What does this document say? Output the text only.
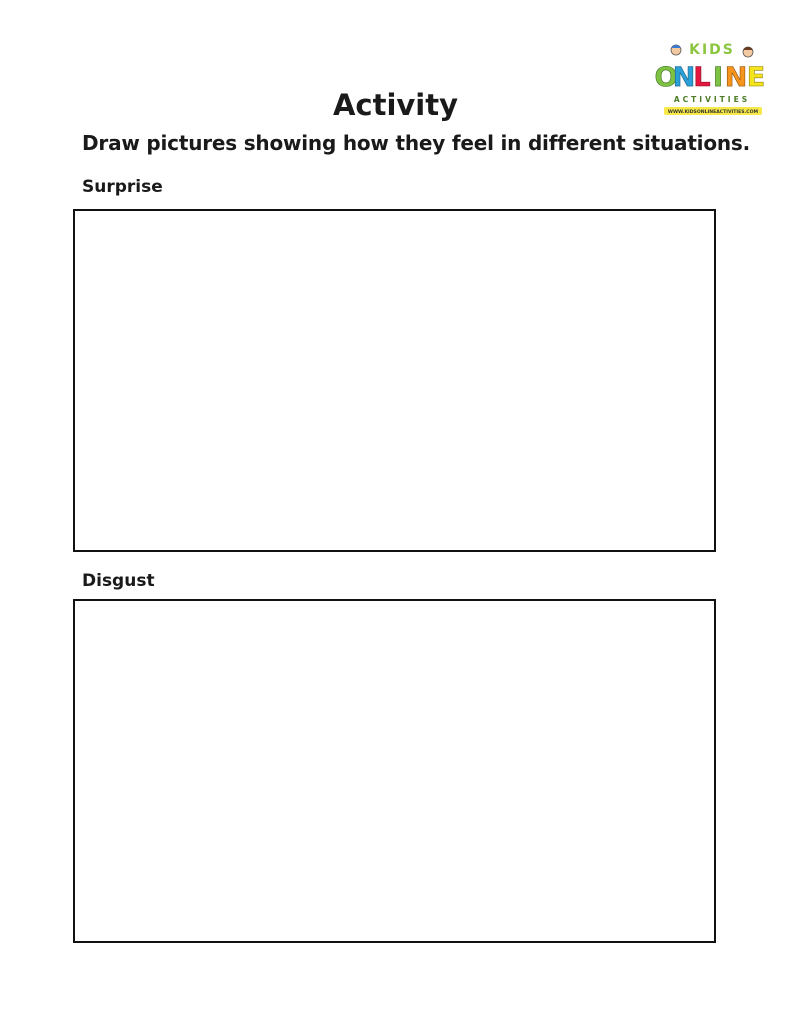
KIDS
O
N
L I N E
ACTIVITIES
WWW.KIDSONLINEACTIVITIES.COM
Activity

Draw pictures showing how they feel in different situations.

Surprise
Disgust
